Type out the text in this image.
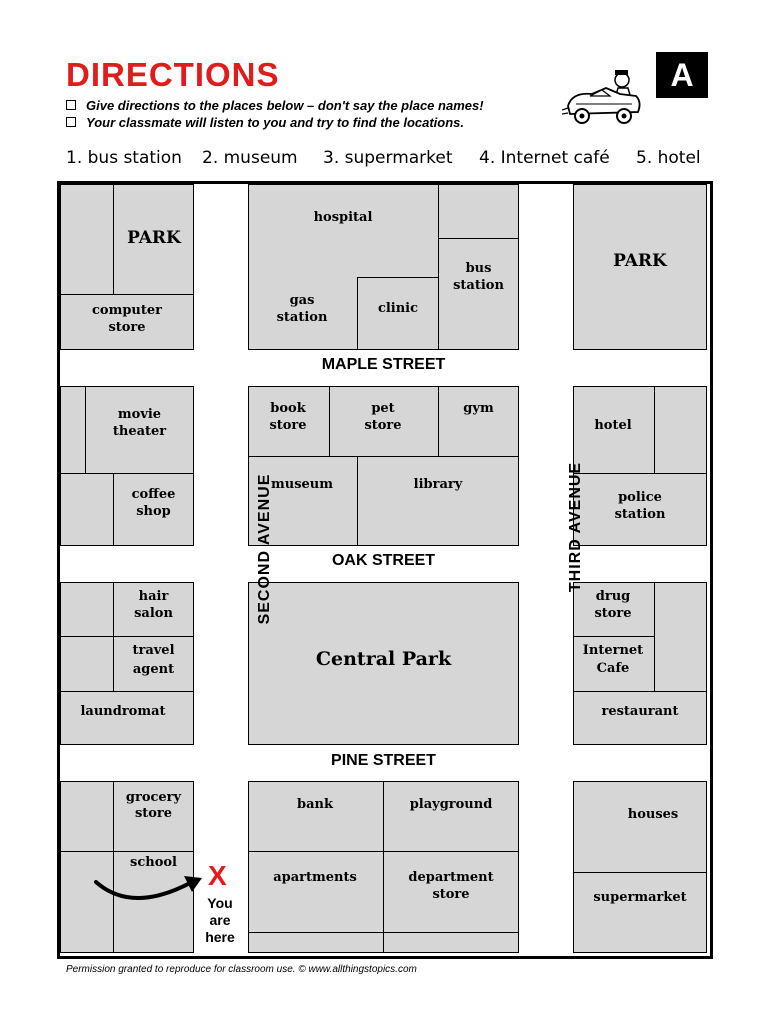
DIRECTIONS
Give directions to the places below – don't say the place names!
Your classmate will listen to you and try to find the locations.
A
1. bus station 2. museum 3. supermarket 4. Internet café 5. hotel
PARK
computer
store
hospital
gas
station
clinic
bus
station
PARK
MAPLE STREET
movie
theater
coffee
shop
book
store
pet
store
gym
museum	library
hotel
police
station
OAK STREET
hair
salon
travel
agent
laundromat
Central Park
drug
store
Internet
Cafe
restaurant
PINE STREET
grocery
store
school
bank	playground
apartments	department
store
houses
supermarket
SECOND AVENUE	THIRD AVENUE
X
You
are
here
Permission granted to reproduce for classroom use. © www.allthingstopics.com
